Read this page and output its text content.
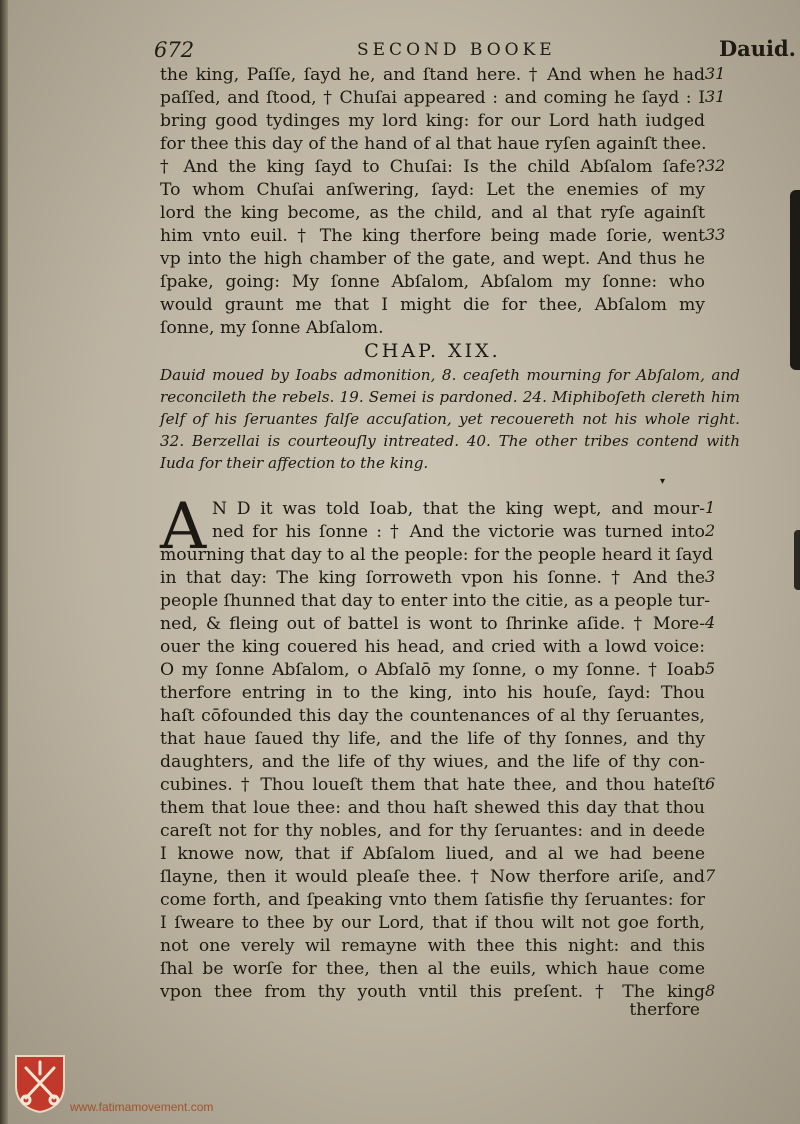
672	SECOND BOOKE	Dauid.
the king, Paſſe, ſayd he, and ſtand here. † And when he had
paſſed, and ſtood, † Chuſai appeared : and coming he ſayd : I
bring good tydinges my lord king: for our Lord hath iudged
for thee this day of the hand of al that haue ryſen againſt thee.
† And the king ſayd to Chuſai: Is the child Abſalom ſafe?
To whom Chuſai anſwering, ſayd: Let the enemies of my
lord the king become, as the child, and al that ryſe againſt
him vnto euil. † The king therfore being made ſorie, went
vp into the high chamber of the gate, and wept. And thus he
ſpake, going: My ſonne Abſalom, Abſalom my ſonne: who
would graunt me that I might die for thee, Abſalom my
ſonne, my ſonne Abſalom.
31
31
32
33
CHAP. XIX.
Dauid moued by Ioabs admonition, 8. ceaſeth mourning for Abſalom, and
reconcileth the rebels. 19. Semei is pardoned. 24. Miphiboſeth clereth him
ſelf of his ſeruantes falſe accuſation, yet recouereth not his whole right.
32. Berzellai is courteouſly intreated. 40. The other tribes contend with
Iuda for their affection to the king.
▾
A N D it was told Ioab, that the king wept, and mour-
ned for his ſonne : † And the victorie was turned into
mourning that day to al the people: for the people heard it ſayd
in that day: The king ſorroweth vpon his ſonne. † And the
people ſhunned that day to enter into the citie, as a people tur-
ned, & fleing out of battel is wont to ſhrinke aſide. † More-
ouer the king couered his head, and cried with a lowd voice:
O my ſonne Abſalom, o Abſalō my ſonne, o my ſonne. † Ioab
therfore entring in to the king, into his houſe, ſayd: Thou
haſt cōfounded this day the countenances of al thy ſeruantes,
that haue ſaued thy life, and the life of thy ſonnes, and thy
daughters, and the life of thy wiues, and the life of thy con-
cubines. † Thou loueſt them that hate thee, and thou hateſt
them that loue thee: and thou haſt shewed this day that thou
careſt not for thy nobles, and for thy ſeruantes: and in deede
I knowe now, that if Abſalom liued, and al we had beene
ſlayne, then it would pleaſe thee. † Now therfore ariſe, and
come forth, and ſpeaking vnto them ſatisfie thy ſeruantes: for
I ſweare to thee by our Lord, that if thou wilt not goe forth,
not one verely wil remayne with thee this night: and this
ſhal be worſe for thee, then al the euils, which haue come
vpon thee from thy youth vntil this preſent. † The king
1
2
3
4
5
6
7
8
therfore
www.fatimamovement.com
